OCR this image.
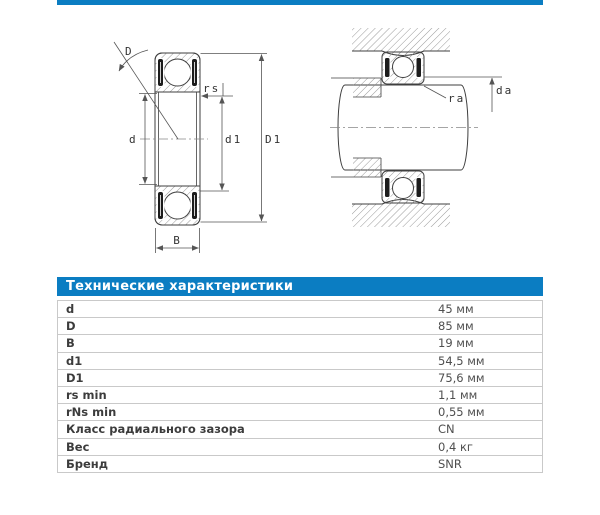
D
rs
d	d1 D1
B
ra
da
Технические характеристики
d	45 мм
D	85 мм
B	19 мм
d1	54,5 мм
D1	75,6 мм
rs min	1,1 мм
rNs min	0,55 мм
Класс радиального зазора	CN
Вес	0,4 кг
Бренд	SNR
